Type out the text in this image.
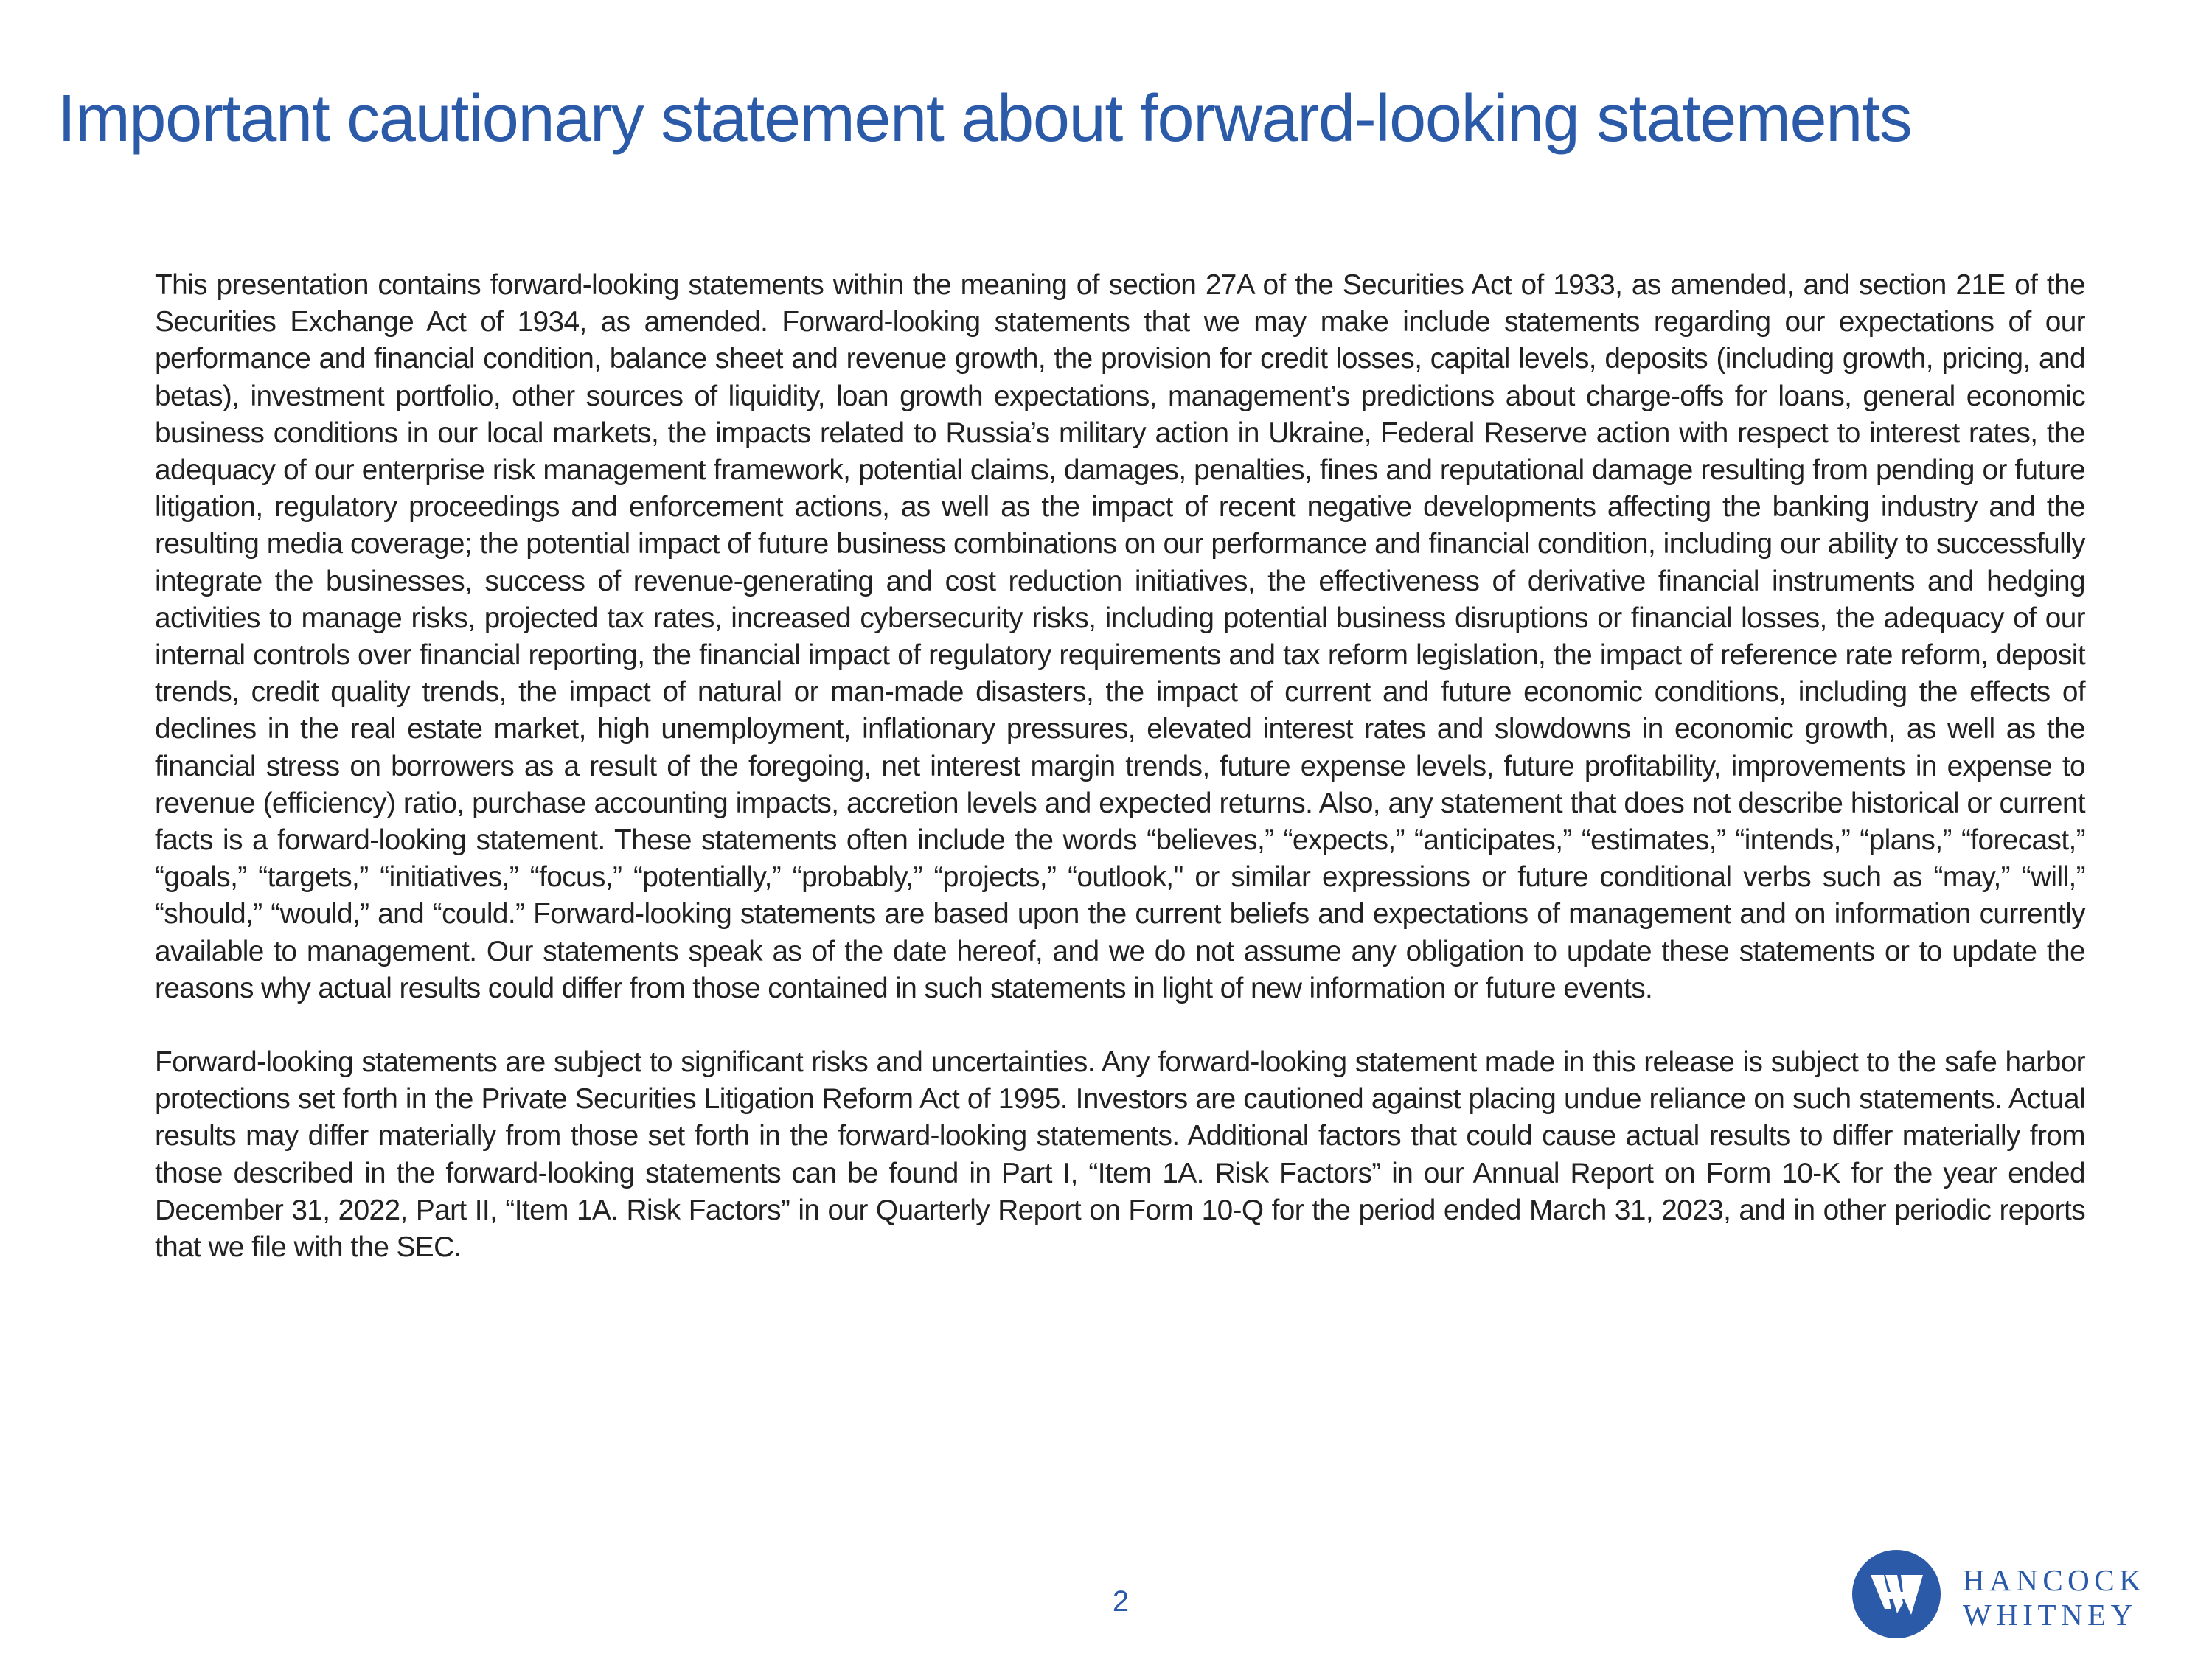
Important cautionary statement about forward-looking statements

This presentation contains forward-looking statements within the meaning of section 27A of the Securities Act of 1933, as amended, and section 21E of the Securities Exchange Act of 1934, as amended. Forward-looking statements that we may make include statements regarding our expectations of our performance and financial condition, balance sheet and revenue growth, the provision for credit losses, capital levels, deposits (including growth, pricing, and betas), investment portfolio, other sources of liquidity, loan growth expectations, management’s predictions about charge-offs for loans, general economic business conditions in our local markets, the impacts related to Russia’s military action in Ukraine, Federal Reserve action with respect to interest rates, the adequacy of our enterprise risk management framework, potential claims, damages, penalties, fines and reputational damage resulting from pending or future litigation, regulatory proceedings and enforcement actions, as well as the impact of recent negative developments affecting the banking industry and the resulting media coverage; the potential impact of future business combinations on our performance and financial condition, including our ability to successfully integrate the businesses, success of revenue-generating and cost reduction initiatives, the effectiveness of derivative financial instruments and hedging activities to manage risks, projected tax rates, increased cybersecurity risks, including potential business disruptions or financial losses, the adequacy of our internal controls over financial reporting, the financial impact of regulatory requirements and tax reform legislation, the impact of reference rate reform, deposit trends, credit quality trends, the impact of natural or man-made disasters, the impact of current and future economic conditions, including the effects of declines in the real estate market, high unemployment, inflationary pressures, elevated interest rates and slowdowns in economic growth, as well as the financial stress on borrowers as a result of the foregoing, net interest margin trends, future expense levels, future profitability, improvements in expense to revenue (efficiency) ratio, purchase accounting impacts, accretion levels and expected returns. Also, any statement that does not describe historical or current facts is a forward-looking statement. These statements often include the words “believes,” “expects,” “anticipates,” “estimates,” “intends,” “plans,” “forecast,” “goals,” “targets,” “initiatives,” “focus,” “potentially,” “probably,” “projects,” “outlook," or similar expressions or future conditional verbs such as “may,” “will,” “should,” “would,” and “could.” Forward-looking statements are based upon the current beliefs and expectations of management and on information currently available to management. Our statements speak as of the date hereof, and we do not assume any obligation to update these statements or to update the reasons why actual results could differ from those contained in such statements in light of new information or future events.

Forward-looking statements are subject to significant risks and uncertainties. Any forward-looking statement made in this release is subject to the safe harbor protections set forth in the Private Securities Litigation Reform Act of 1995. Investors are cautioned against placing undue reliance on such statements. Actual results may differ materially from those set forth in the forward-looking statements. Additional factors that could cause actual results to differ materially from those described in the forward-looking statements can be found in Part I, “Item 1A. Risk Factors” in our Annual Report on Form 10-K for the year ended December 31, 2022, Part II, “Item 1A. Risk Factors” in our Quarterly Report on Form 10-Q for the period ended March 31, 2023, and in other periodic reports that we file with the SEC.

2
HANCOCK
WHITNEY
